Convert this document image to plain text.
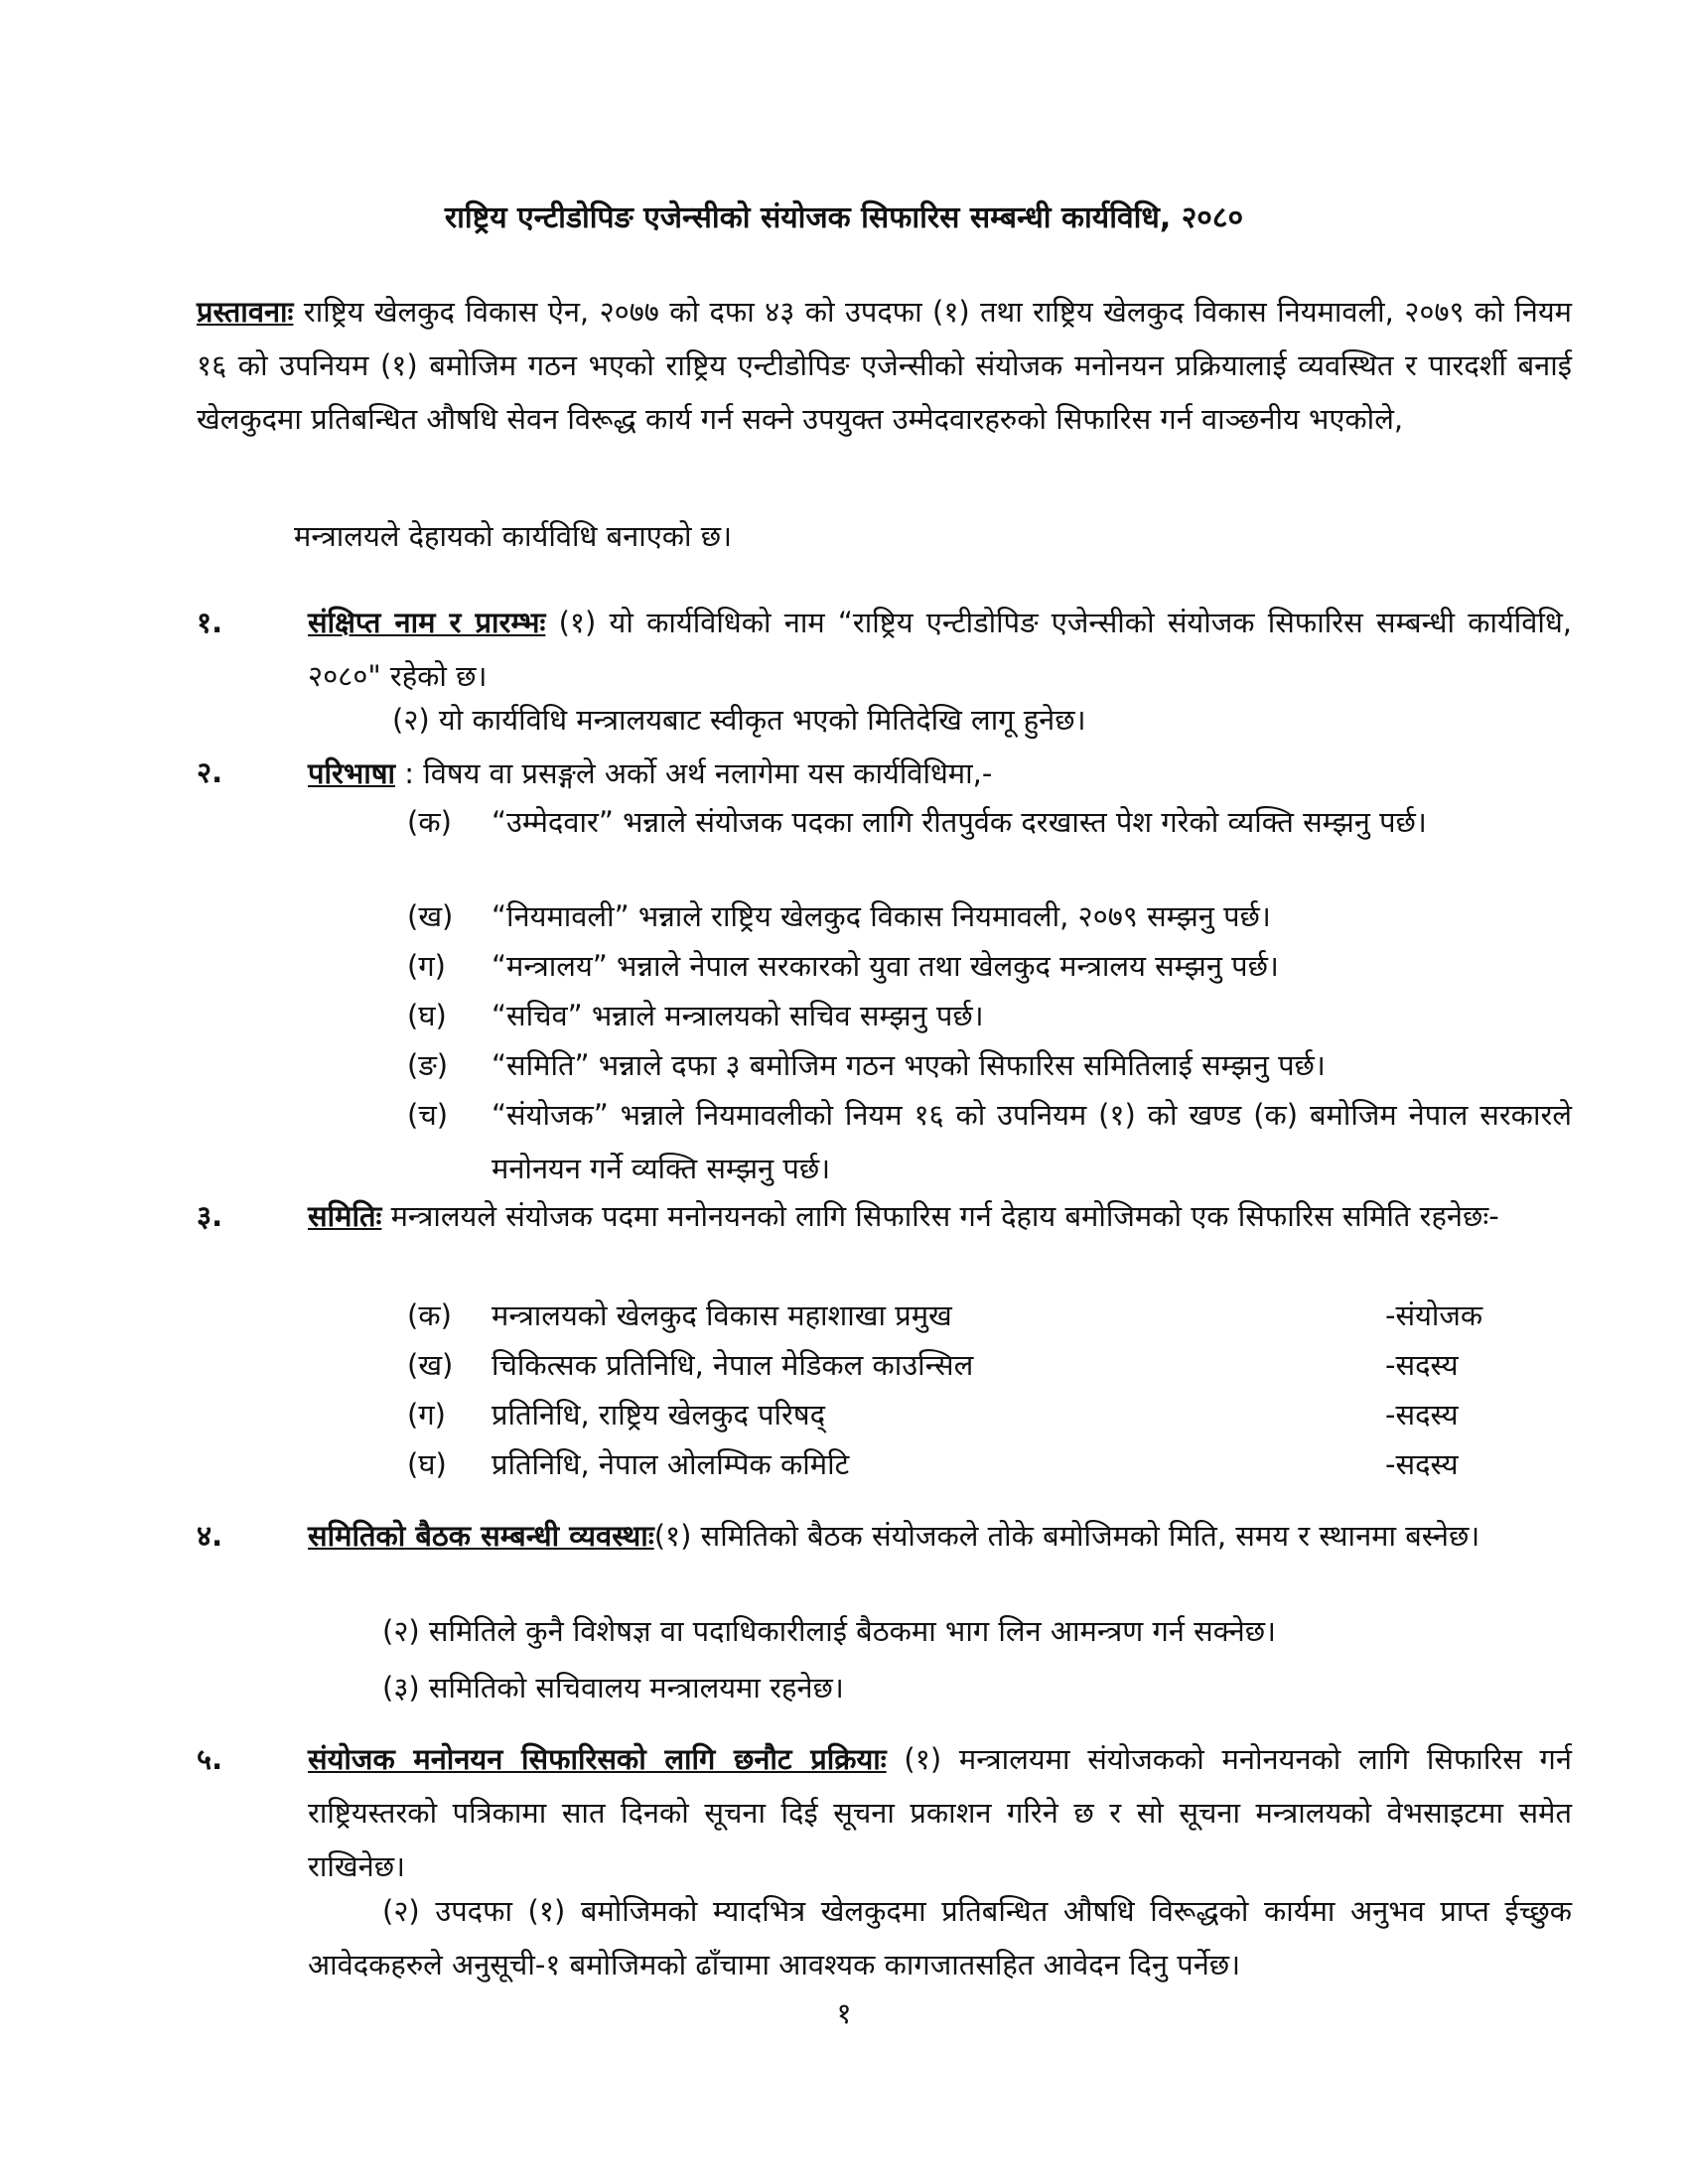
राष्ट्रिय एन्टीडोपिङ एजेन्सीको संयोजक सिफारिस सम्बन्धी कार्यविधि, २०८०
प्रस्तावनाः राष्ट्रिय खेलकुद विकास ऐन, २०७७ को दफा ४३ को उपदफा (१) तथा राष्ट्रिय खेलकुद विकास नियमावली, २०७९ को नियम १६ को उपनियम (१) बमोजिम गठन भएको राष्ट्रिय एन्टीडोपिङ एजेन्सीको संयोजक मनोनयन प्रक्रियालाई व्यवस्थित र पारदर्शी बनाई खेलकुदमा प्रतिबन्धित औषधि सेवन विरूद्ध कार्य गर्न सक्ने उपयुक्त उम्मेदवारहरुको सिफारिस गर्न वाञ्छनीय भएकोले,
मन्त्रालयले देहायको कार्यविधि बनाएको छ।
१.	संक्षिप्त नाम र प्रारम्भः (१) यो कार्यविधिको नाम “राष्ट्रिय एन्टीडोपिङ एजेन्सीको संयोजक सिफारिस सम्बन्धी कार्यविधि, २०८०" रहेको छ।
(२) यो कार्यविधि मन्त्रालयबाट स्वीकृत भएको मितिदेखि लागू हुनेछ।
२.	परिभाषा : विषय वा प्रसङ्गले अर्को अर्थ नलागेमा यस कार्यविधिमा,-
(क) “उम्मेदवार” भन्नाले संयोजक पदका लागि रीतपुर्वक दरखास्त पेश गरेको व्यक्ति सम्झनु पर्छ।
(ख) “नियमावली” भन्नाले राष्ट्रिय खेलकुद विकास नियमावली, २०७९ सम्झनु पर्छ।
(ग) “मन्त्रालय” भन्नाले नेपाल सरकारको युवा तथा खेलकुद मन्त्रालय सम्झनु पर्छ।
(घ) “सचिव” भन्नाले मन्त्रालयको सचिव सम्झनु पर्छ।
(ङ) “समिति” भन्नाले दफा ३ बमोजिम गठन भएको सिफारिस समितिलाई सम्झनु पर्छ।
(च) “संयोजक” भन्नाले नियमावलीको नियम १६ को उपनियम (१) को खण्ड (क) बमोजिम नेपाल सरकारले मनोनयन गर्ने व्यक्ति सम्झनु पर्छ।
३.	समितिः मन्त्रालयले संयोजक पदमा मनोनयनको लागि सिफारिस गर्न देहाय बमोजिमको एक सिफारिस समिति रहनेछः-
(क) मन्त्रालयको खेलकुद विकास महाशाखा प्रमुख	-संयोजक
(ख) चिकित्सक प्रतिनिधि, नेपाल मेडिकल काउन्सिल	-सदस्य
(ग) प्रतिनिधि, राष्ट्रिय खेलकुद परिषद्	-सदस्य
(घ) प्रतिनिधि, नेपाल ओलम्पिक कमिटि	-सदस्य
४.	समितिको बैठक सम्बन्धी व्यवस्थाः(१) समितिको बैठक संयोजकले तोके बमोजिमको मिति, समय र स्थानमा बस्नेछ।
(२) समितिले कुनै विशेषज्ञ वा पदाधिकारीलाई बैठकमा भाग लिन आमन्त्रण गर्न सक्नेछ।
(३) समितिको सचिवालय मन्त्रालयमा रहनेछ।
५.	संयोजक मनोनयन सिफारिसको लागि छनौट प्रक्रियाः (१) मन्त्रालयमा संयोजकको मनोनयनको लागि सिफारिस गर्न राष्ट्रियस्तरको पत्रिकामा सात दिनको सूचना दिई सूचना प्रकाशन गरिने छ र सो सूचना मन्त्रालयको वेभसाइटमा समेत राखिनेछ।
(२) उपदफा (१) बमोजिमको म्यादभित्र खेलकुदमा प्रतिबन्धित औषधि विरूद्धको कार्यमा अनुभव प्राप्त ईच्छुक आवेदकहरुले अनुसूची-१ बमोजिमको ढाँचामा आवश्यक कागजातसहित आवेदन दिनु पर्नेछ।
१
